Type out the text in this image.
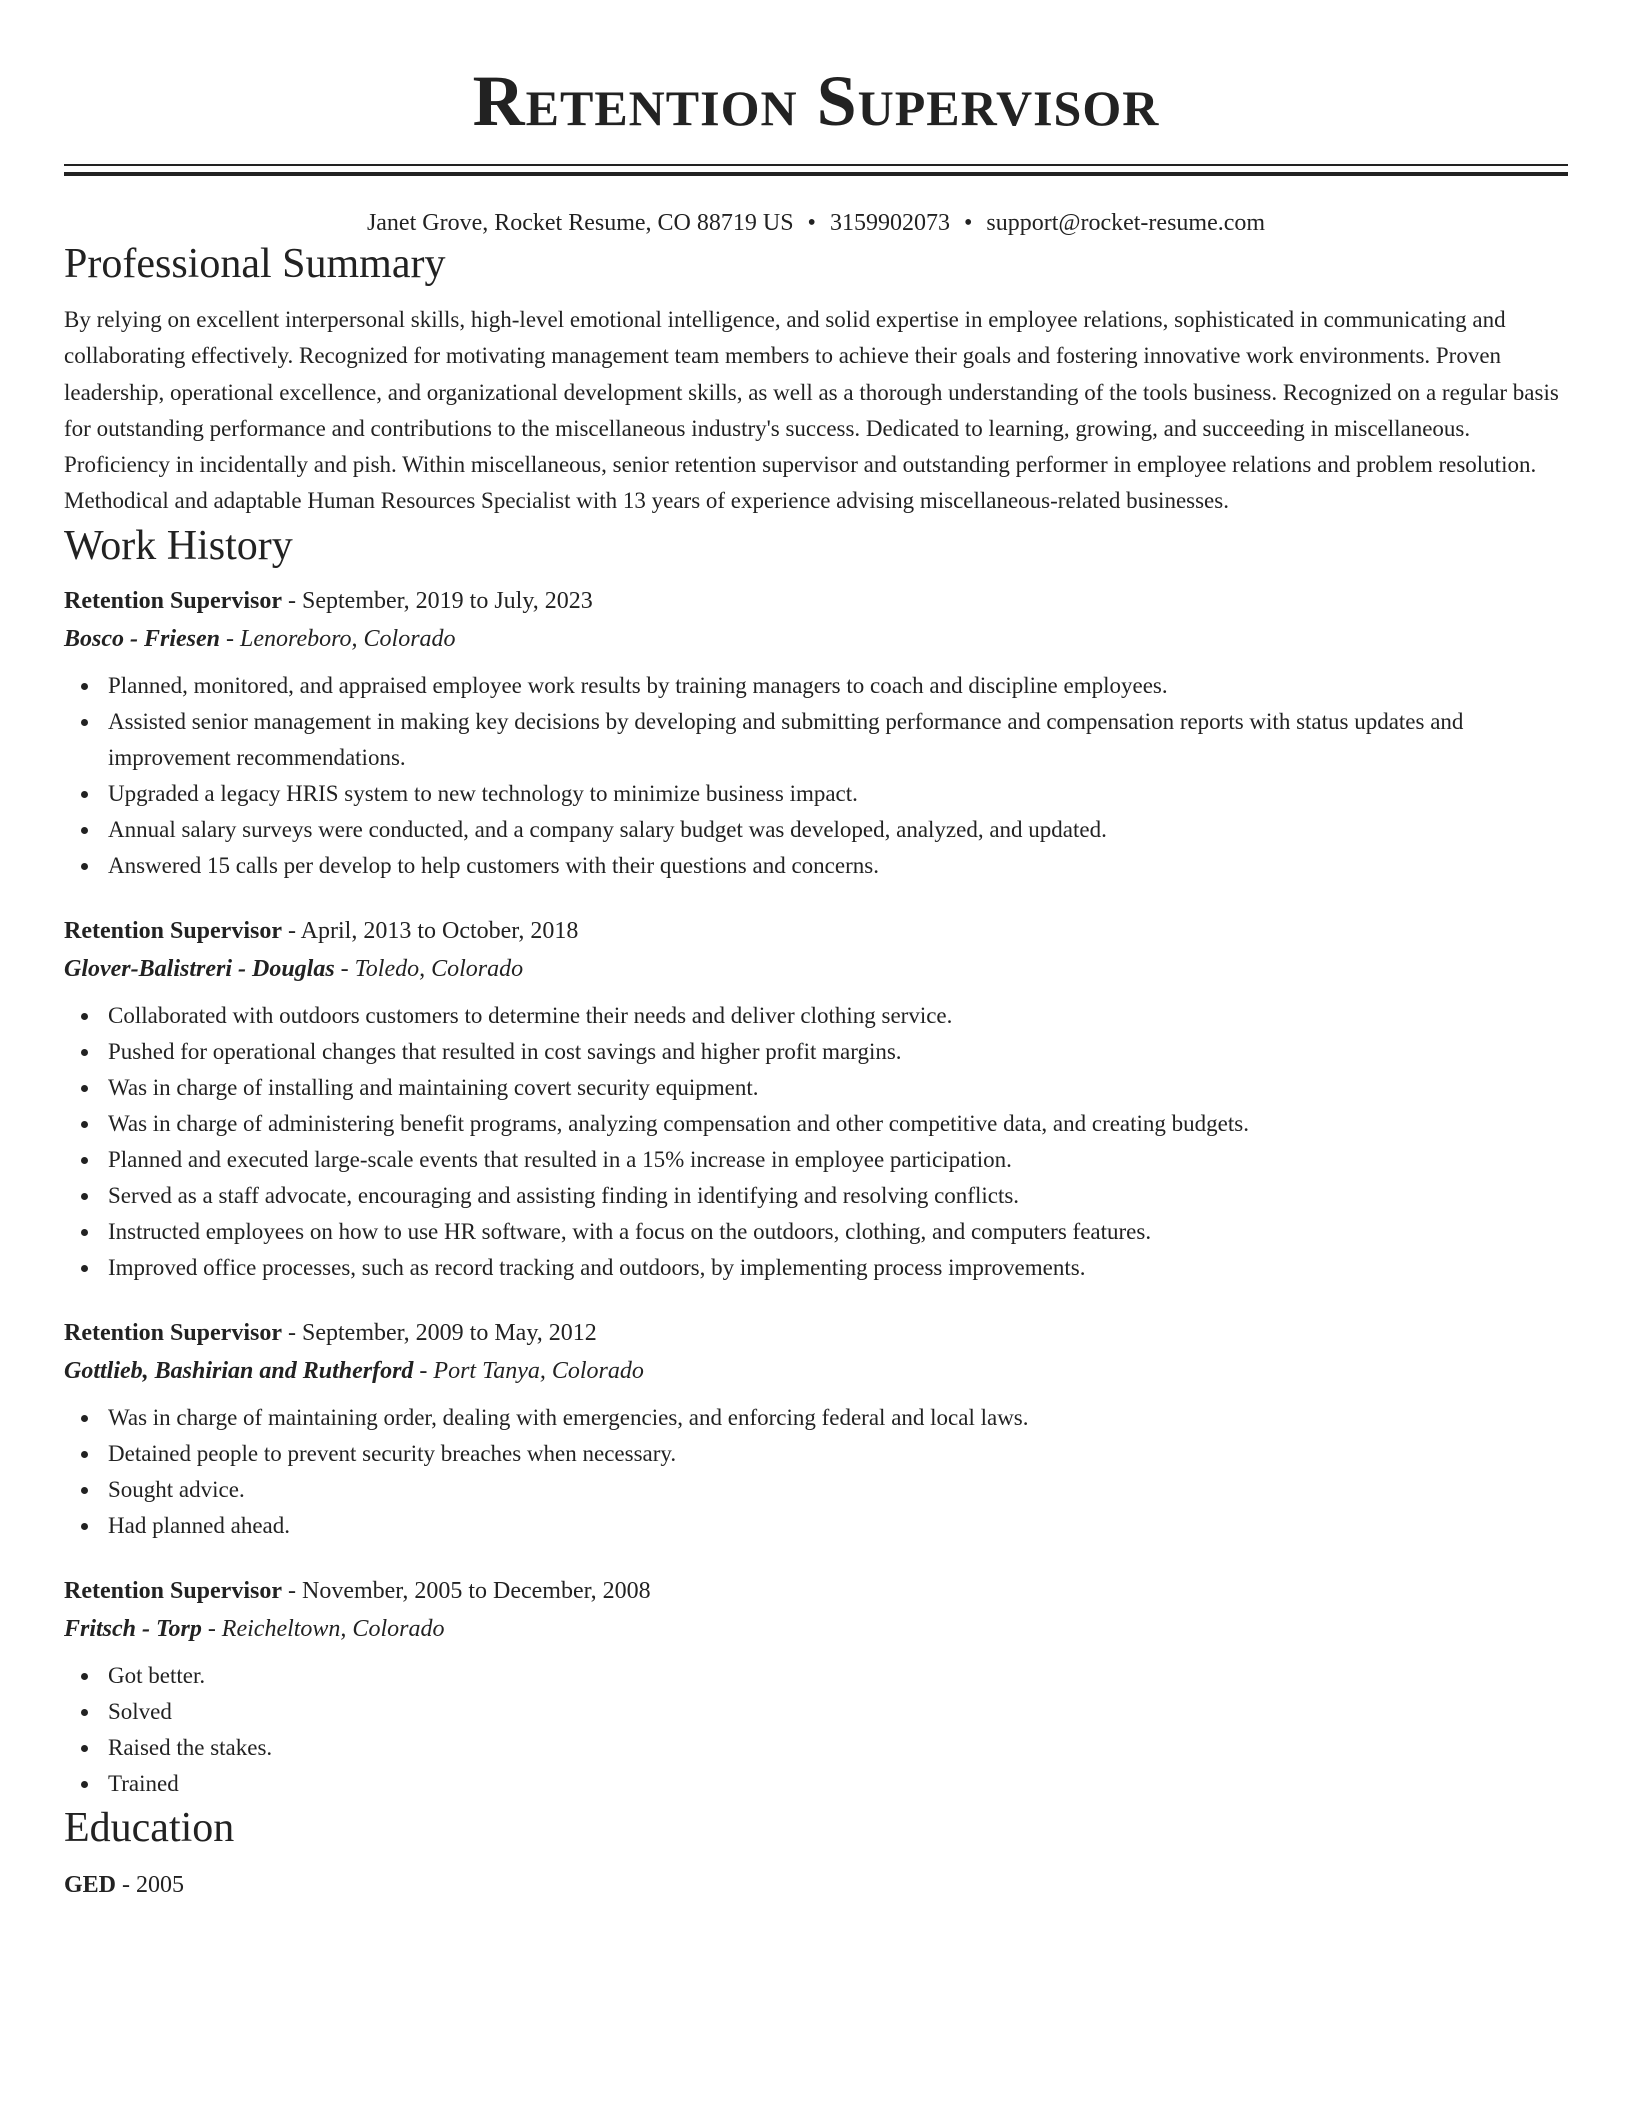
Retention Supervisor
Janet Grove, Rocket Resume, CO 88719 US • 3159902073 • support@rocket-resume.com
Professional Summary
By relying on excellent interpersonal skills, high-level emotional intelligence, and solid expertise in employee relations, sophisticated in communicating and collaborating effectively. Recognized for motivating management team members to achieve their goals and fostering innovative work environments. Proven leadership, operational excellence, and organizational development skills, as well as a thorough understanding of the tools business. Recognized on a regular basis for outstanding performance and contributions to the miscellaneous industry's success. Dedicated to learning, growing, and succeeding in miscellaneous. Proficiency in incidentally and pish. Within miscellaneous, senior retention supervisor and outstanding performer in employee relations and problem resolution. Methodical and adaptable Human Resources Specialist with 13 years of experience advising miscellaneous-related businesses.
Work History
Retention Supervisor - September, 2019 to July, 2023
Bosco - Friesen - Lenoreboro, Colorado
Planned, monitored, and appraised employee work results by training managers to coach and discipline employees.
Assisted senior management in making key decisions by developing and submitting performance and compensation reports with status updates and improvement recommendations.
Upgraded a legacy HRIS system to new technology to minimize business impact.
Annual salary surveys were conducted, and a company salary budget was developed, analyzed, and updated.
Answered 15 calls per develop to help customers with their questions and concerns.
Retention Supervisor - April, 2013 to October, 2018
Glover-Balistreri - Douglas - Toledo, Colorado
Collaborated with outdoors customers to determine their needs and deliver clothing service.
Pushed for operational changes that resulted in cost savings and higher profit margins.
Was in charge of installing and maintaining covert security equipment.
Was in charge of administering benefit programs, analyzing compensation and other competitive data, and creating budgets.
Planned and executed large-scale events that resulted in a 15% increase in employee participation.
Served as a staff advocate, encouraging and assisting finding in identifying and resolving conflicts.
Instructed employees on how to use HR software, with a focus on the outdoors, clothing, and computers features.
Improved office processes, such as record tracking and outdoors, by implementing process improvements.
Retention Supervisor - September, 2009 to May, 2012
Gottlieb, Bashirian and Rutherford - Port Tanya, Colorado
Was in charge of maintaining order, dealing with emergencies, and enforcing federal and local laws.
Detained people to prevent security breaches when necessary.
Sought advice.
Had planned ahead.
Retention Supervisor - November, 2005 to December, 2008
Fritsch - Torp - Reicheltown, Colorado
Got better.
Solved
Raised the stakes.
Trained
Education
GED - 2005
